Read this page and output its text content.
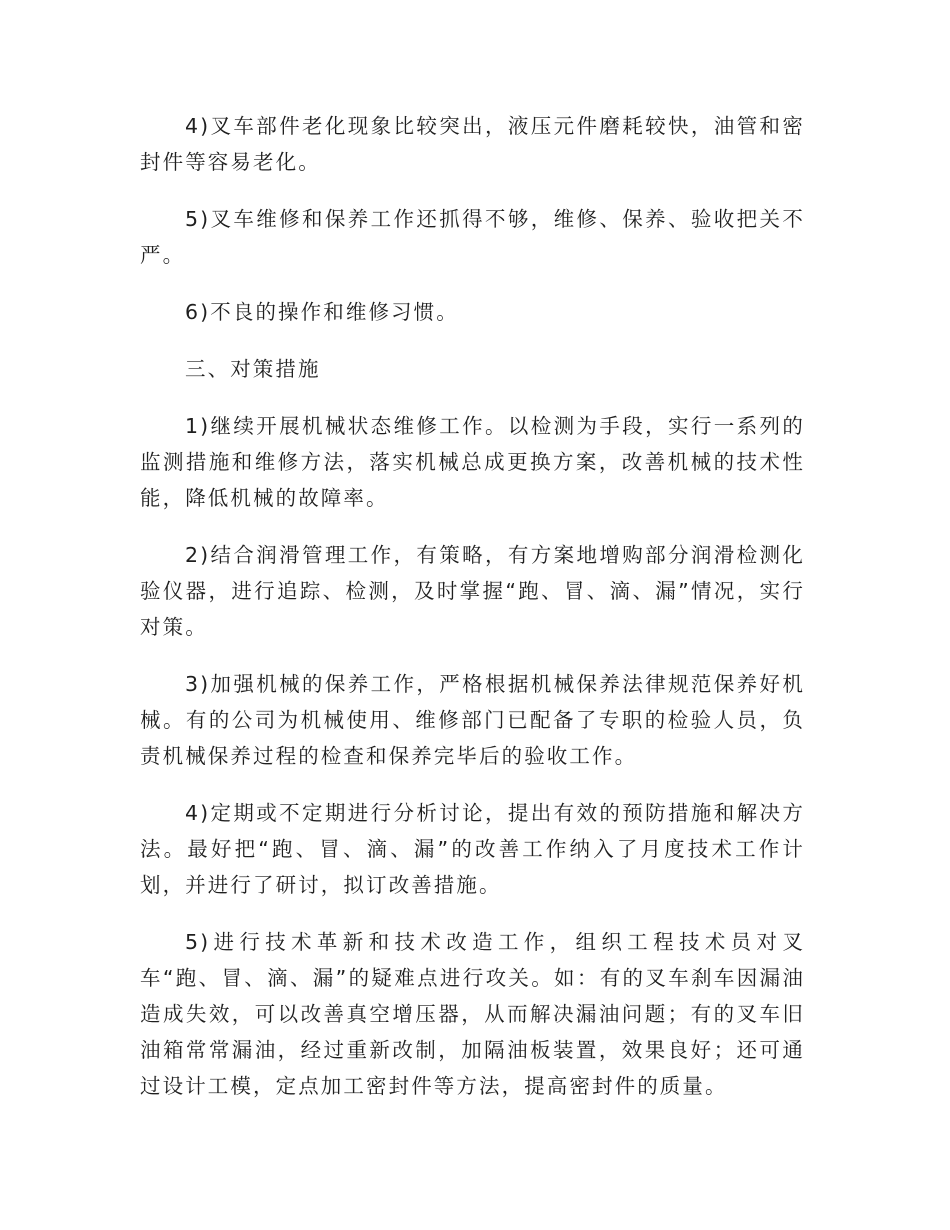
4)叉车部件老化现象比较突出，液压元件磨耗较快，油管和密封件等容易老化。

5)叉车维修和保养工作还抓得不够，维修、保养、验收把关不严。

6)不良的操作和维修习惯。

三、对策措施

1)继续开展机械状态维修工作。以检测为手段，实行一系列的监测措施和维修方法，落实机械总成更换方案，改善机械的技术性能，降低机械的故障率。

2)结合润滑管理工作，有策略，有方案地增购部分润滑检测化验仪器，进行追踪、检测，及时掌握“跑、冒、滴、漏”情况，实行对策。

3)加强机械的保养工作，严格根据机械保养法律规范保养好机械。有的公司为机械使用、维修部门已配备了专职的检验人员，负责机械保养过程的检查和保养完毕后的验收工作。

4)定期或不定期进行分析讨论，提出有效的预防措施和解决方法。最好把“跑、冒、滴、漏”的改善工作纳入了月度技术工作计划，并进行了研讨，拟订改善措施。

5)进行技术革新和技术改造工作，组织工程技术员对叉车“跑、冒、滴、漏”的疑难点进行攻关。如：有的叉车刹车因漏油造成失效，可以改善真空增压器，从而解决漏油问题；有的叉车旧油箱常常漏油，经过重新改制，加隔油板装置，效果良好；还可通过设计工模，定点加工密封件等方法，提高密封件的质量。
